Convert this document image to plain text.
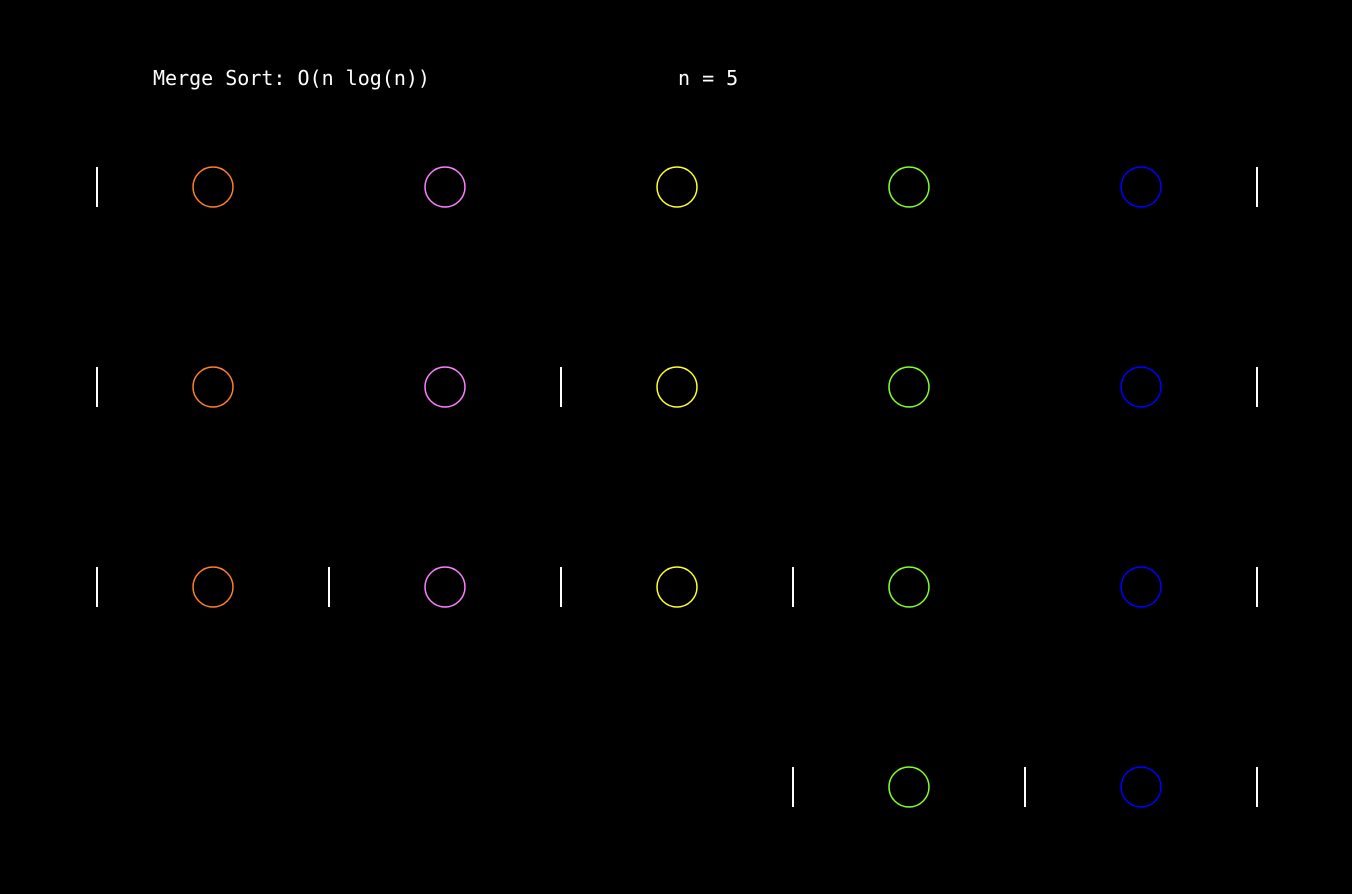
Merge Sort: O(n log(n))	n = 5
